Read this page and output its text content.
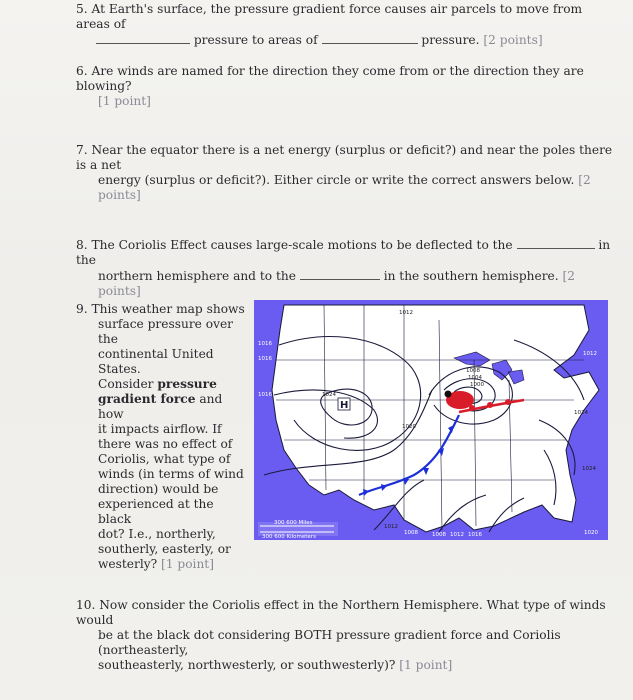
5. At Earth's surface, the pressure gradient force causes air parcels to move from areas of
pressure to areas of	pressure. [2 points]
6. Are winds are named for the direction they come from or the direction they are blowing?
[1 point]
7. Near the equator there is a net energy (surplus or deficit?) and near the poles there is a net
energy (surplus or deficit?). Either circle or write the correct answers below. [2 points]
8. The Coriolis Effect causes large-scale motions to be deflected to the	in the
northern hemisphere and to the	in the southern hemisphere. [2 points]
9. This weather map shows
surface pressure over the
continental United States.
Consider pressure
gradient force and how
it impacts airflow. If
there was no effect of
Coriolis, what type of
winds (in terms of wind
direction) would be
experienced at the black
dot? I.e., northerly,
southerly, easterly, or
westerly? [1 point]
H
1012
1016
1016
1024
1020
1008
1004
1000
1012
1024
1024
1016
1020
1012
1008	1008 1012 1016
1020
300 600 Miles
300 600 Kilometers
10. Now consider the Coriolis effect in the Northern Hemisphere. What type of winds would
be at the black dot considering BOTH pressure gradient force and Coriolis (northeasterly,
southeasterly, northwesterly, or southwesterly)? [1 point]
